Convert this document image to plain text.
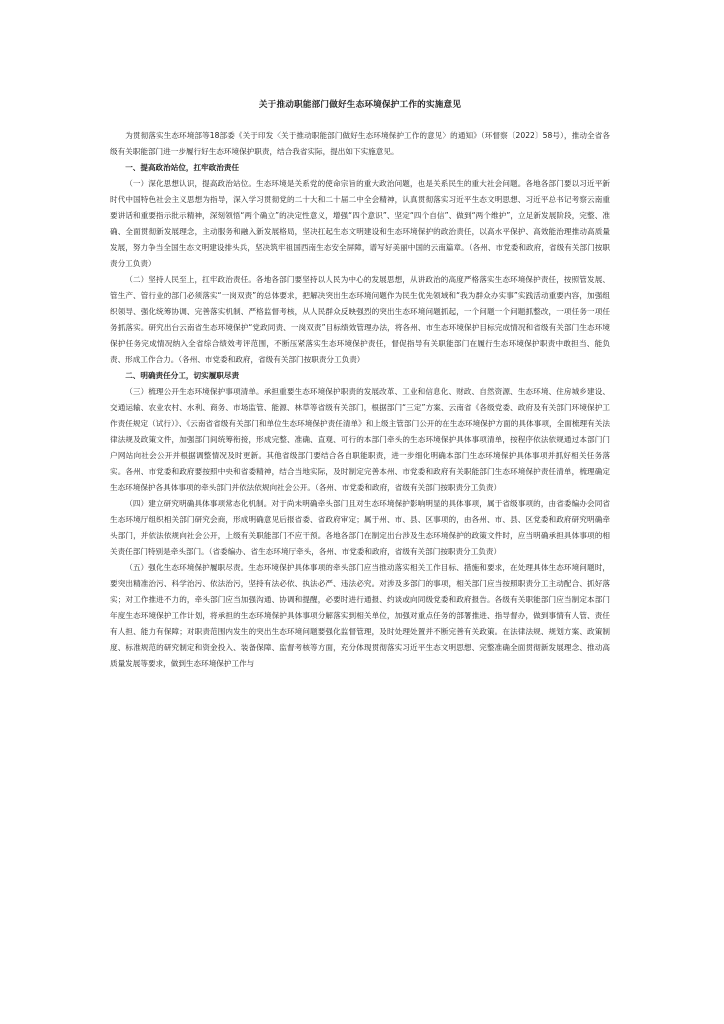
关于推动职能部门做好生态环境保护工作的实施意见

为贯彻落实生态环境部等18部委《关于印发〈关于推动职能部门做好生态环境保护工作的意见〉的通知》（环督察〔2022〕58号），推动全省各级有关职能部门进一步履行好生态环境保护职责，结合我省实际，提出如下实施意见。

一、提高政治站位，扛牢政治责任

（一）深化思想认识，提高政治站位。生态环境是关系党的使命宗旨的重大政治问题，也是关系民生的重大社会问题。各地各部门要以习近平新时代中国特色社会主义思想为指导，深入学习贯彻党的二十大和二十届二中全会精神，认真贯彻落实习近平生态文明思想、习近平总书记考察云南重要讲话和重要指示批示精神，深刻领悟“两个确立”的决定性意义，增强“四个意识”、坚定“四个自信”、做到“两个维护”，立足新发展阶段，完整、准确、全面贯彻新发展理念，主动服务和融入新发展格局，坚决扛起生态文明建设和生态环境保护的政治责任，以高水平保护、高效能治理推动高质量发展，努力争当全国生态文明建设排头兵，坚决筑牢祖国西南生态安全屏障，谱写好美丽中国的云南篇章。（各州、市党委和政府，省级有关部门按职责分工负责）

（二）坚持人民至上，扛牢政治责任。各地各部门要坚持以人民为中心的发展思想，从讲政治的高度严格落实生态环境保护责任，按照管发展、管生产、管行业的部门必须落实“一岗双责”的总体要求，把解决突出生态环境问题作为民生优先领域和“我为群众办实事”实践活动重要内容，加强组织领导、强化统筹协调、完善落实机制、严格监督考核，从人民群众反映强烈的突出生态环境问题抓起，一个问题一个问题抓整改，一项任务一项任务抓落实。研究出台云南省生态环境保护“党政同责、一岗双责”目标绩效管理办法，将各州、市生态环境保护目标完成情况和省级有关部门生态环境保护任务完成情况纳入全省综合绩效考评范围，不断压紧落实生态环境保护责任，督促指导有关职能部门在履行生态环境保护职责中敢担当、能负责、形成工作合力。（各州、市党委和政府，省级有关部门按职责分工负责）

二、明确责任分工，切实履职尽责

（三）梳理公开生态环境保护事项清单。承担重要生态环境保护职责的发展改革、工业和信息化、财政、自然资源、生态环境、住房城乡建设、交通运输、农业农村、水利、商务、市场监管、能源、林草等省级有关部门，根据部门“三定”方案、云南省《各级党委、政府及有关部门环境保护工作责任规定（试行）》、《云南省省级有关部门和单位生态环境保护责任清单》和上级主管部门公开的在生态环境保护方面的具体事项，全面梳理有关法律法规及政策文件，加强部门间统筹衔接，形成完整、准确、直观、可行的本部门牵头的生态环境保护具体事项清单，按程序依法依规通过本部门门户网站向社会公开并根据调整情况及时更新。其他省级部门要结合各自职能职责，进一步细化明确本部门生态环境保护具体事项并抓好相关任务落实。各州、市党委和政府要按照中央和省委精神，结合当地实际，及时制定完善本州、市党委和政府有关职能部门生态环境保护责任清单，梳理确定生态环境保护各具体事项的牵头部门并依法依规向社会公开。（各州、市党委和政府，省级有关部门按职责分工负责）

（四）建立研究明确具体事项常态化机制。对于尚未明确牵头部门且对生态环境保护影响明显的具体事项，属于省级事项的，由省委编办会同省生态环境厅组织相关部门研究会商，形成明确意见后报省委、省政府审定；属于州、市、县、区事项的，由各州、市、县、区党委和政府研究明确牵头部门，并依法依规向社会公开，上级有关职能部门不应干预。各地各部门在制定出台涉及生态环境保护的政策文件时，应当明确承担具体事项的相关责任部门特别是牵头部门。（省委编办、省生态环境厅牵头，各州、市党委和政府，省级有关部门按职责分工负责）

（五）强化生态环境保护履职尽责。生态环境保护具体事项的牵头部门应当推动落实相关工作目标、措施和要求，在处理具体生态环境问题时，要突出精准治污、科学治污、依法治污，坚持有法必依、执法必严、违法必究。对涉及多部门的事项，相关部门应当按照职责分工主动配合、抓好落实；对工作推进不力的，牵头部门应当加强沟通、协调和提醒，必要时进行通报、约谈或向同级党委和政府报告。各级有关职能部门应当制定本部门年度生态环境保护工作计划，将承担的生态环境保护具体事项分解落实到相关单位，加强对重点任务的部署推进、指导督办，做到事情有人管、责任有人担、能力有保障；对职责范围内发生的突出生态环境问题要强化监督管理，及时处理处置并不断完善有关政策。在法律法规、规划方案、政策制度、标准规范的研究制定和资金投入、装备保障、监督考核等方面，充分体现贯彻落实习近平生态文明思想、完整准确全面贯彻新发展理念、推动高质量发展等要求，做到生态环境保护工作与
